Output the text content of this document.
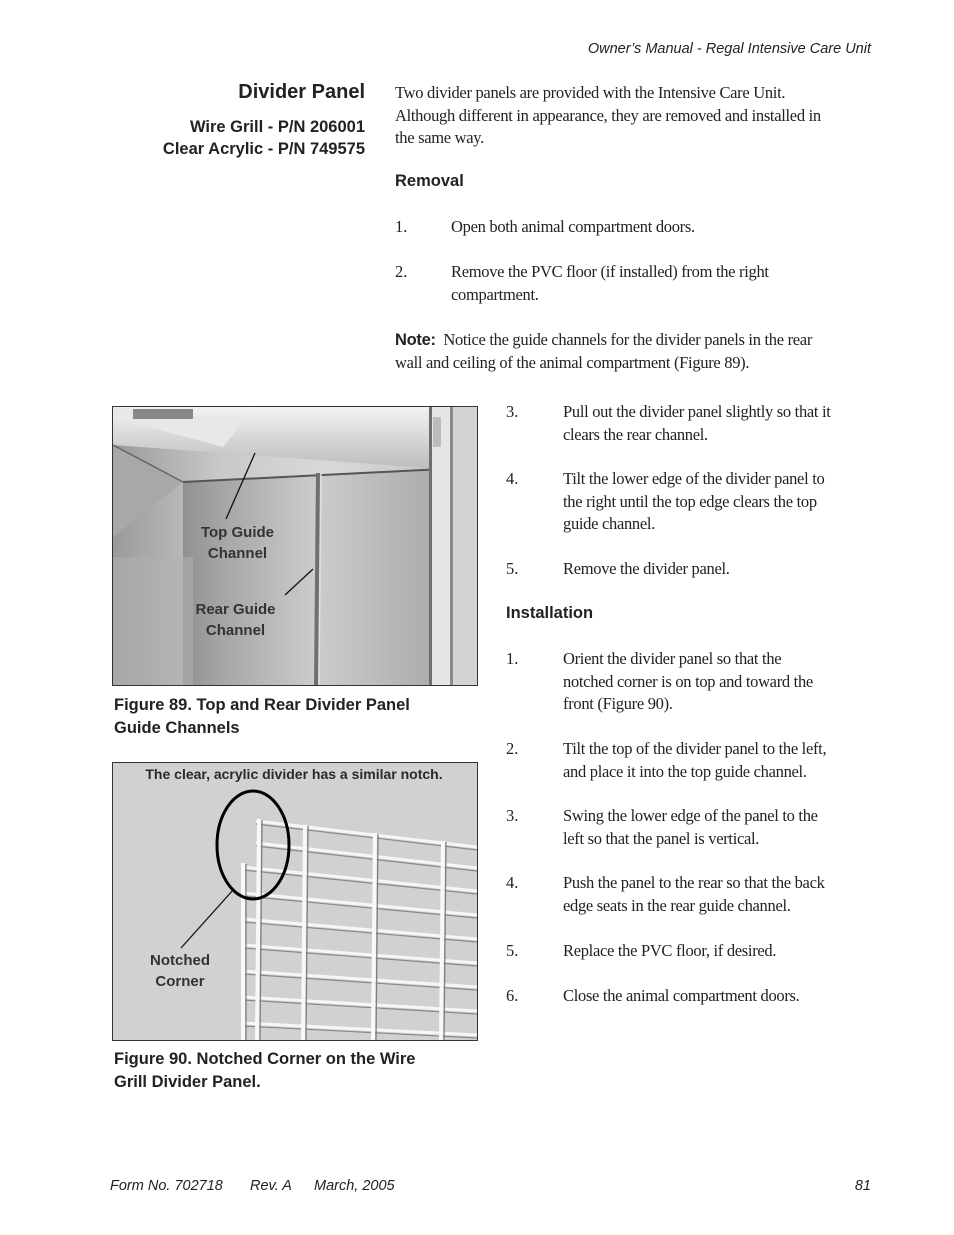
Owner’s Manual - Regal Intensive Care Unit
Divider Panel
Wire Grill - P/N 206001
Clear Acrylic - P/N 749575
Two divider panels are provided with the Intensive Care Unit.
Although different in appearance, they are removed and installed in
the same way.
Removal
1.	Open both animal compartment doors.
2.	Remove the PVC floor (if installed) from the right
compartment.
Note: Notice the guide channels for the divider panels in the rear
wall and ceiling of the animal compartment (Figure 89).
3.	Pull out the divider panel slightly so that it
clears the rear channel.
4.	Tilt the lower edge of the divider panel to
the right until the top edge clears the top
guide channel.
5.	Remove the divider panel.
Installation
1.	Orient the divider panel so that the
notched corner is on top and toward the
front (Figure 90).
2.	Tilt the top of the divider panel to the left,
and place it into the top guide channel.
3.	Swing the lower edge of the panel to the
left so that the panel is vertical.
4.	Push the panel to the rear so that the back
edge seats in the rear guide channel.
5.	Replace the PVC floor, if desired.
6.	Close the animal compartment doors.
Top Guide
Channel
Rear Guide
Channel
Figure 89. Top and Rear Divider Panel
Guide Channels
The clear, acrylic divider has a similar notch.
Notched
Corner
Figure 90. Notched Corner on the Wire
Grill Divider Panel.
Form No. 702718 Rev. A March, 2005	81
